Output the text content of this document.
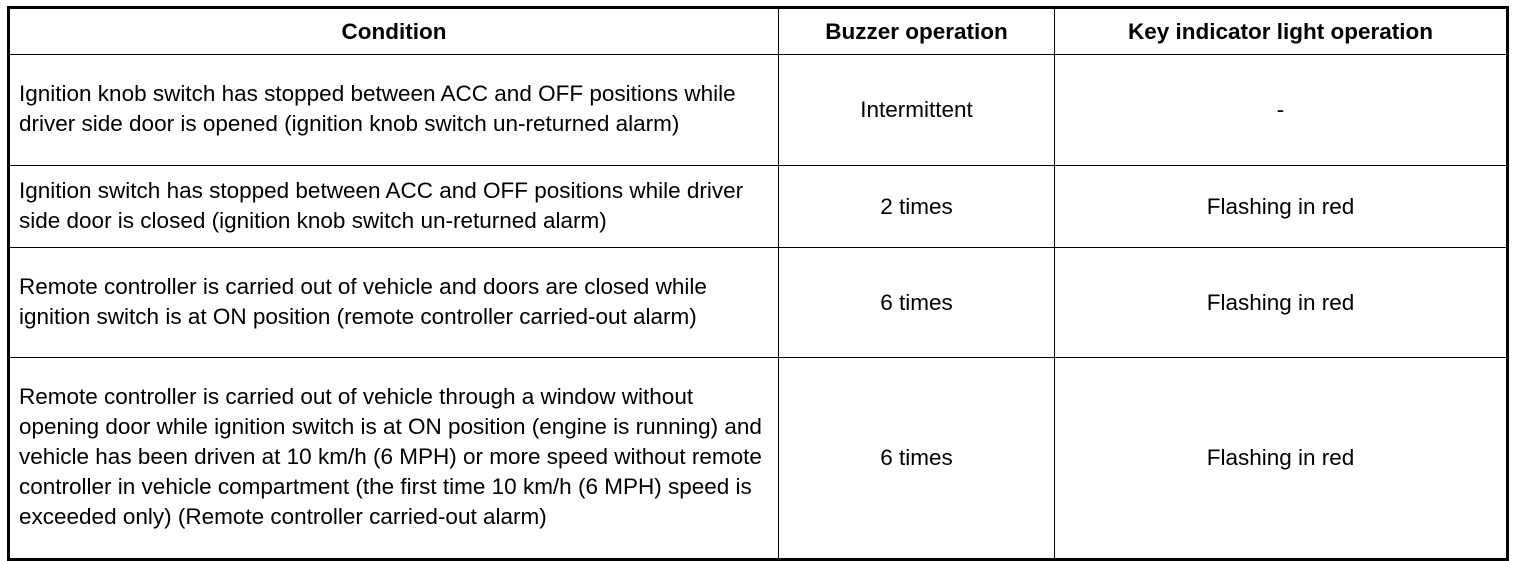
Condition	Buzzer operation	Key indicator light operation
Ignition knob switch has stopped between ACC and OFF positions while driver side door is opened (ignition knob switch un-returned alarm)	Intermittent	-
Ignition switch has stopped between ACC and OFF positions while driver side door is closed (ignition knob switch un-returned alarm)	2 times	Flashing in red
Remote controller is carried out of vehicle and doors are closed while ignition switch is at ON position (remote controller carried-out alarm)	6 times	Flashing in red
Remote controller is carried out of vehicle through a window without opening door while ignition switch is at ON position (engine is running) and vehicle has been driven at 10 km/h (6 MPH) or more speed without remote controller in vehicle compartment (the first time 10 km/h (6 MPH) speed is exceeded only) (Remote controller carried-out alarm)	6 times	Flashing in red
